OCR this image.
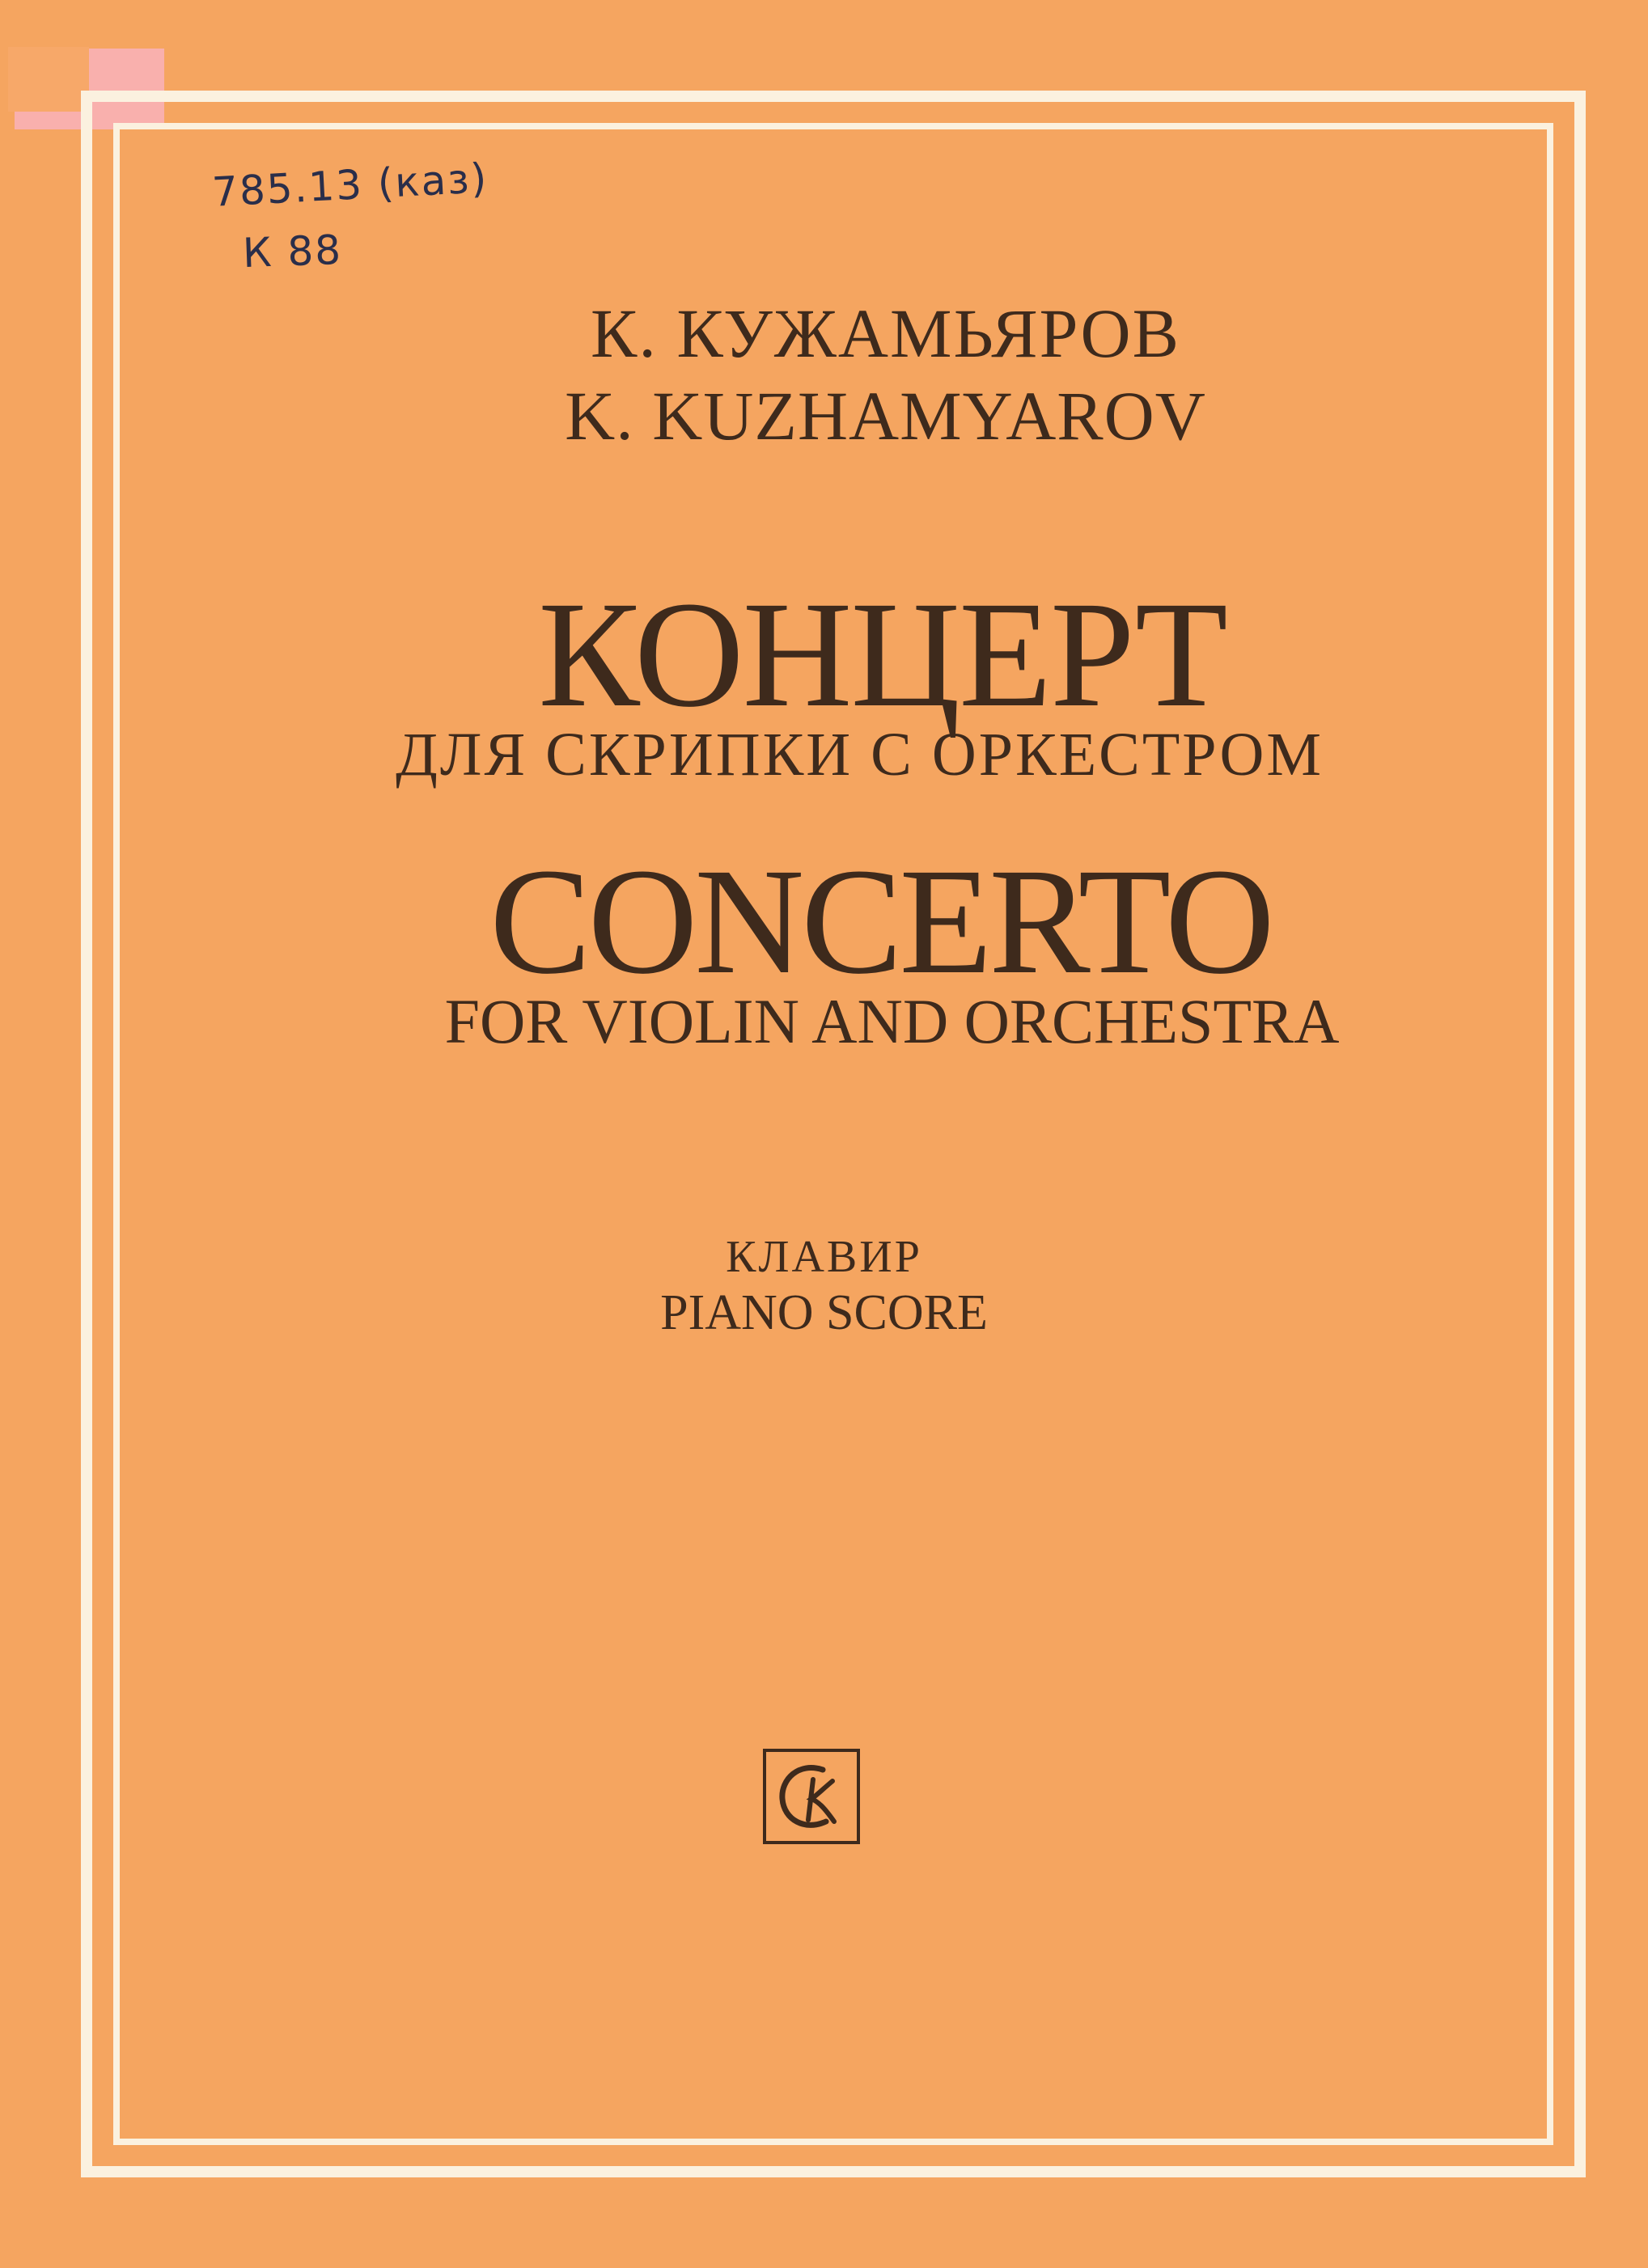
785.13 (каз)
К 88
К. КУЖАМЬЯРОВ
K. KUZHAMYAROV
КОНЦЕРТ
ДЛЯ СКРИПКИ С ОРКЕСТРОМ
CONCERTO
FOR VIOLIN AND ORCHESTRA
КЛАВИР
PIANO SCORE
